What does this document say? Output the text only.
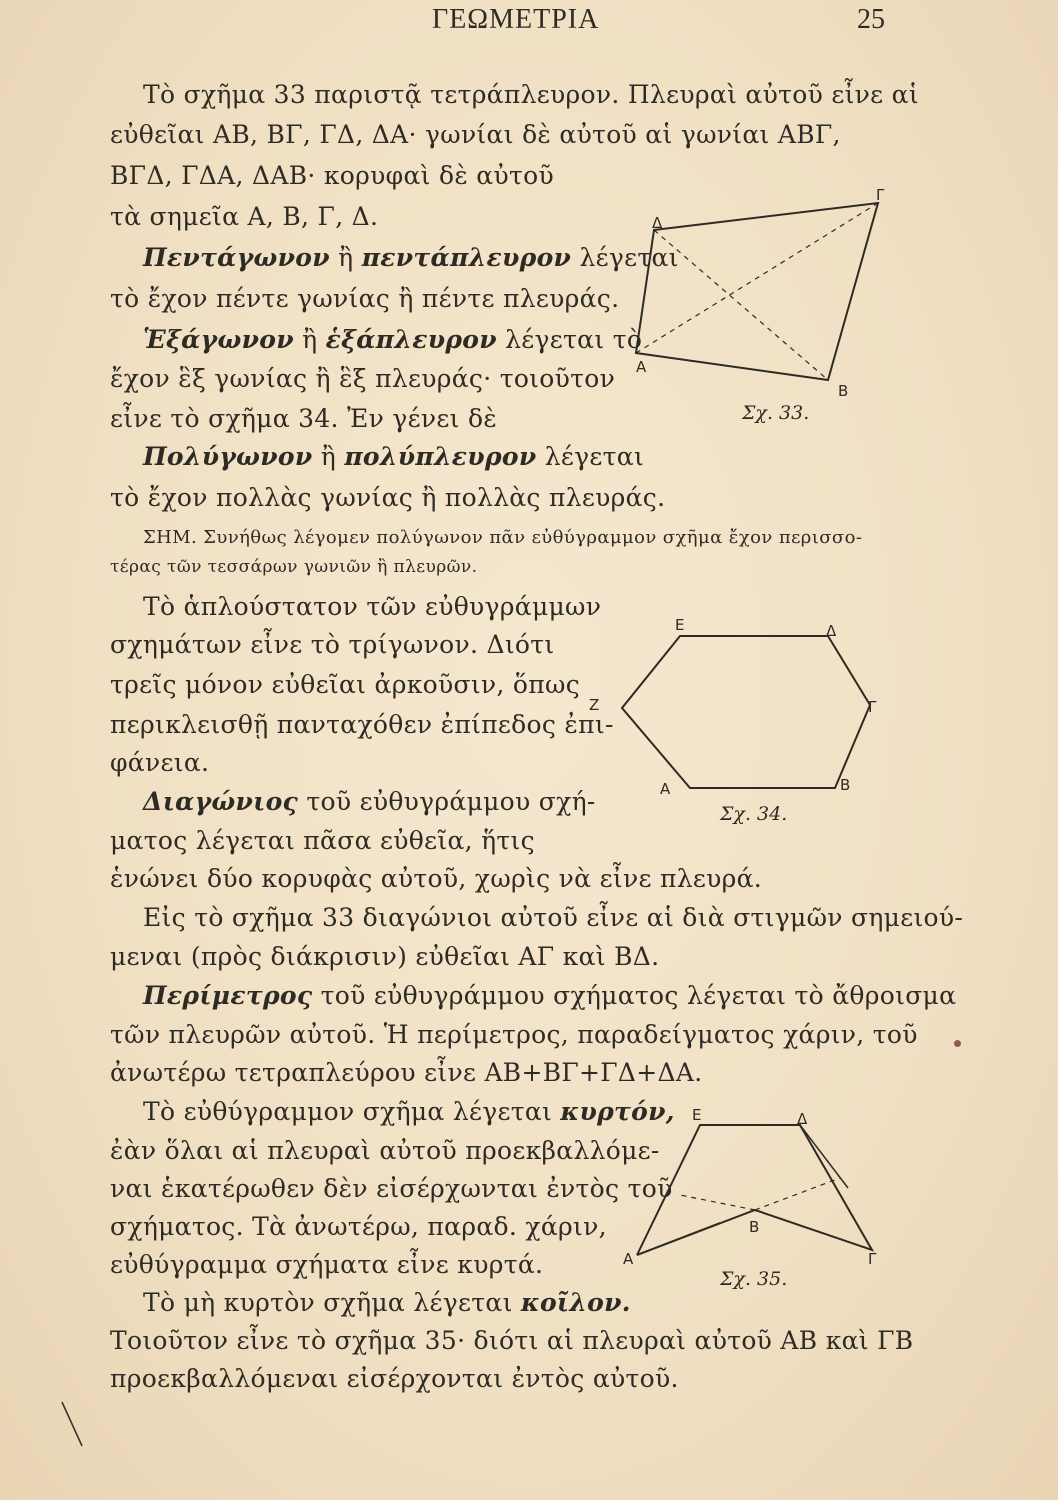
ΓΕΩΜΕΤΡΙΑ	25
Τὸ σχῆμα 33 παριστᾷ τετράπλευρον. Πλευραὶ αὐτοῦ εἶνε αἱ
εὐθεῖαι ΑΒ, ΒΓ, ΓΔ, ΔΑ· γωνίαι δὲ αὐτοῦ αἱ γωνίαι ΑΒΓ,
ΒΓΔ, ΓΔΑ, ΔΑΒ· κορυφαὶ δὲ αὐτοῦ
τὰ σημεῖα Α, Β, Γ, Δ.
Πεντάγωνον ἢ πεντάπλευρον λέγεται
τὸ ἔχον πέντε γωνίας ἢ πέντε πλευράς.
Ἑξάγωνον ἢ ἑξάπλευρον λέγεται τὸ
ἔχον ἓξ γωνίας ἢ ἓξ πλευράς· τοιοῦτον
εἶνε τὸ σχῆμα 34. Ἐν γένει δὲ
Πολύγωνον ἢ πολύπλευρον λέγεται
τὸ ἔχον πολλὰς γωνίας ἢ πολλὰς πλευράς.
ΣΗΜ. Συνήθως λέγομεν πολύγωνον πᾶν εὐθύγραμμον σχῆμα ἔχον περισσο-
τέρας τῶν τεσσάρων γωνιῶν ἢ πλευρῶν.
Τὸ ἁπλούστατον τῶν εὐθυγράμμων
σχημάτων εἶνε τὸ τρίγωνον. Διότι
τρεῖς μόνον εὐθεῖαι ἀρκοῦσιν, ὅπως
περικλεισθῇ πανταχόθεν ἐπίπεδος ἐπι-
φάνεια.
Διαγώνιος τοῦ εὐθυγράμμου σχή-
ματος λέγεται πᾶσα εὐθεῖα, ἥτις
ἑνώνει δύο κορυφὰς αὐτοῦ, χωρὶς νὰ εἶνε πλευρά.
Εἰς τὸ σχῆμα 33 διαγώνιοι αὐτοῦ εἶνε αἱ διὰ στιγμῶν σημειού-
μεναι (πρὸς διάκρισιν) εὐθεῖαι ΑΓ καὶ ΒΔ.
Περίμετρος τοῦ εὐθυγράμμου σχήματος λέγεται τὸ ἄθροισμα
τῶν πλευρῶν αὐτοῦ. Ἡ περίμετρος, παραδείγματος χάριν, τοῦ
ἀνωτέρω τετραπλεύρου εἶνε ΑΒ+ΒΓ+ΓΔ+ΔΑ.
Τὸ εὐθύγραμμον σχῆμα λέγεται κυρτόν,
ἐὰν ὅλαι αἱ πλευραὶ αὐτοῦ προεκβαλλόμε-
ναι ἑκατέρωθεν δὲν εἰσέρχωνται ἐντὸς τοῦ
σχήματος. Τὰ ἀνωτέρω, παραδ. χάριν,
εὐθύγραμμα σχήματα εἶνε κυρτά.
Τὸ μὴ κυρτὸν σχῆμα λέγεται κοῖλον.
Τοιοῦτον εἶνε τὸ σχῆμα 35· διότι αἱ πλευραὶ αὐτοῦ ΑΒ καὶ ΓΒ
προεκβαλλόμεναι εἰσέρχονται ἐντὸς αὐτοῦ.
Δ
Γ
Α
Β
Σχ. 33.
Ε	Δ
Ζ	Γ
Α	Β
Σχ. 34.
Ε	Δ
Β
Α	Γ
Σχ. 35.
